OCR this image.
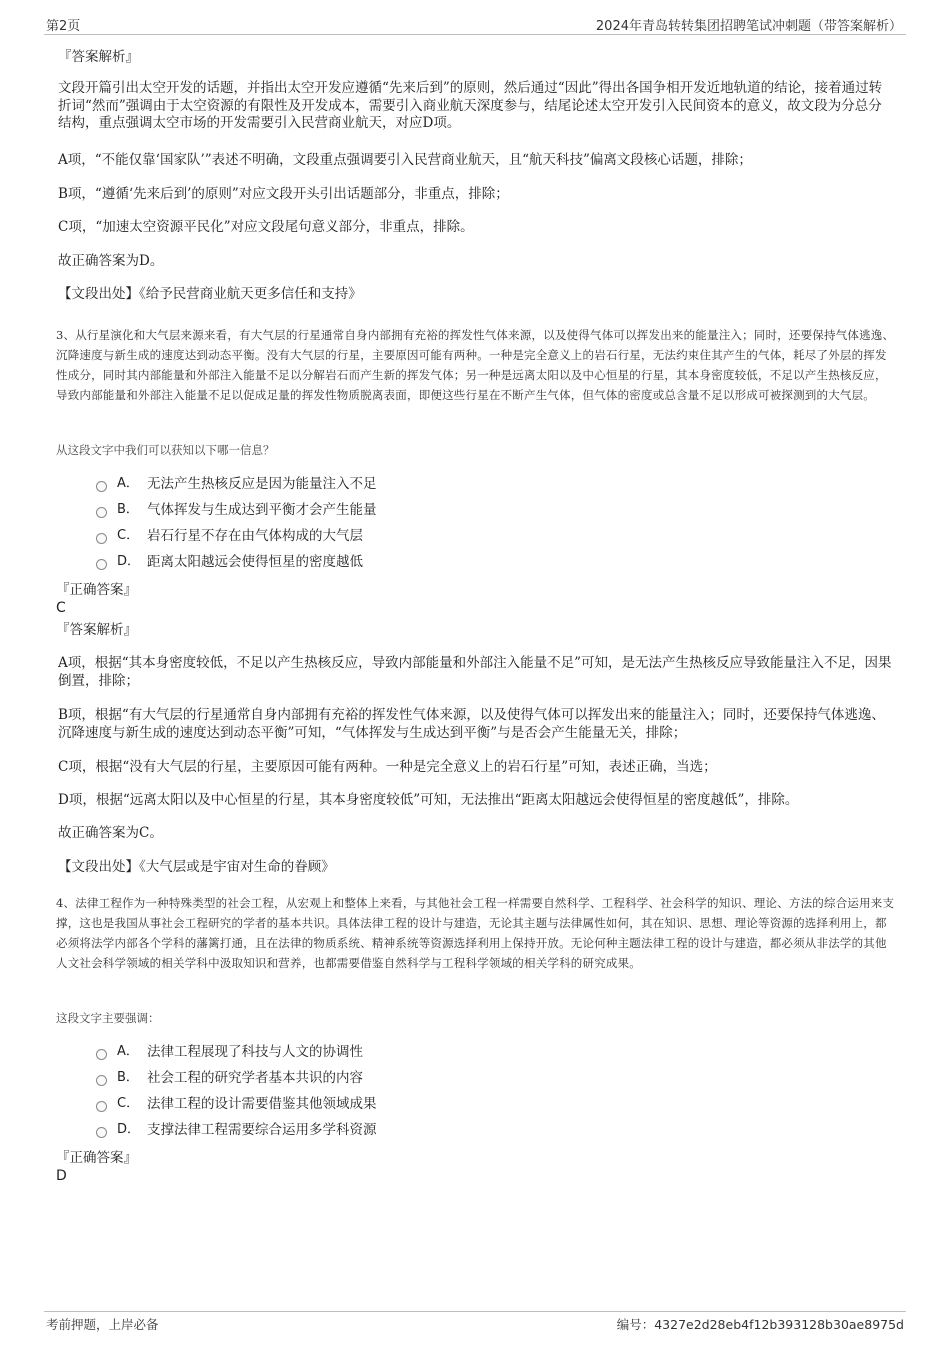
第2页	2024年青岛转转集团招聘笔试冲刺题（带答案解析）
『答案解析』
文段开篇引出太空开发的话题，并指出太空开发应遵循“先来后到”的原则，然后通过“因此”得出各国争相开发近地轨道的结论，接着通过转折词“然而”强调由于太空资源的有限性及开发成本，需要引入商业航天深度参与，结尾论述太空开发引入民间资本的意义，故文段为分总分结构，重点强调太空市场的开发需要引入民营商业航天，对应D项。
A项，“不能仅靠‘国家队’”表述不明确，文段重点强调要引入民营商业航天，且“航天科技”偏离文段核心话题，排除；
B项，“遵循‘先来后到’的原则”对应文段开头引出话题部分，非重点，排除；
C项，“加速太空资源平民化”对应文段尾句意义部分，非重点，排除。
故正确答案为D。
【文段出处】《给予民营商业航天更多信任和支持》
3、从行星演化和大气层来源来看，有大气层的行星通常自身内部拥有充裕的挥发性气体来源，以及使得气体可以挥发出来的能量注入；同时，还要保持气体逃逸、沉降速度与新生成的速度达到动态平衡。没有大气层的行星，主要原因可能有两种。一种是完全意义上的岩石行星，无法约束住其产生的气体，耗尽了外层的挥发性成分，同时其内部能量和外部注入能量不足以分解岩石而产生新的挥发气体；另一种是远离太阳以及中心恒星的行星，其本身密度较低，不足以产生热核反应，导致内部能量和外部注入能量不足以促成足量的挥发性物质脱离表面，即便这些行星在不断产生气体，但气体的密度或总含量不足以形成可被探测到的大气层。
从这段文字中我们可以获知以下哪一信息？
A． 无法产生热核反应是因为能量注入不足
B． 气体挥发与生成达到平衡才会产生能量
C． 岩石行星不存在由气体构成的大气层
D． 距离太阳越远会使得恒星的密度越低
『正确答案』
C
『答案解析』
A项，根据“其本身密度较低，不足以产生热核反应，导致内部能量和外部注入能量不足”可知，是无法产生热核反应导致能量注入不足，因果倒置，排除；
B项，根据“有大气层的行星通常自身内部拥有充裕的挥发性气体来源，以及使得气体可以挥发出来的能量注入；同时，还要保持气体逃逸、沉降速度与新生成的速度达到动态平衡”可知，“气体挥发与生成达到平衡”与是否会产生能量无关，排除；
C项，根据“没有大气层的行星，主要原因可能有两种。一种是完全意义上的岩石行星”可知，表述正确，当选；
D项，根据“远离太阳以及中心恒星的行星，其本身密度较低”可知，无法推出“距离太阳越远会使得恒星的密度越低”，排除。
故正确答案为C。
【文段出处】《大气层或是宇宙对生命的眷顾》
4、法律工程作为一种特殊类型的社会工程，从宏观上和整体上来看，与其他社会工程一样需要自然科学、工程科学、社会科学的知识、理论、方法的综合运用来支撑，这也是我国从事社会工程研究的学者的基本共识。具体法律工程的设计与建造，无论其主题与法律属性如何，其在知识、思想、理论等资源的选择利用上，都必须将法学内部各个学科的藩篱打通，且在法律的物质系统、精神系统等资源选择利用上保持开放。无论何种主题法律工程的设计与建造，都必须从非法学的其他人文社会科学领域的相关学科中汲取知识和营养，也都需要借鉴自然科学与工程科学领域的相关学科的研究成果。
这段文字主要强调：
A． 法律工程展现了科技与人文的协调性
B． 社会工程的研究学者基本共识的内容
C． 法律工程的设计需要借鉴其他领域成果
D． 支撑法律工程需要综合运用多学科资源
『正确答案』
D
考前押题，上岸必备	编号：4327e2d28eb4f12b393128b30ae8975d
